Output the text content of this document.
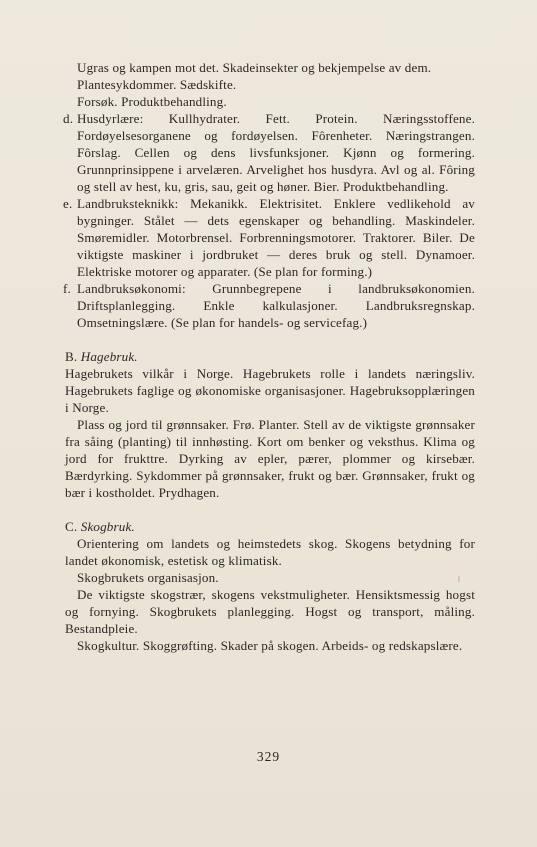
Ugras og kampen mot det. Skadeinsekter og bekjempelse av dem.

Plantesykdommer. Sædskifte.

Forsøk. Produktbehandling.

d. Husdyrlære: Kullhydrater. Fett. Protein. Næringsstoffene. Fordøyelsesorganene og fordøyelsen. Fôrenheter. Næringstrangen. Fôrslag. Cellen og dens livsfunksjoner. Kjønn og formering. Grunnprinsippene i arvelæren. Arvelighet hos husdyra. Avl og al. Fôring og stell av hest, ku, gris, sau, geit og høner. Bier. Produktbehandling.
e. Landbruksteknikk: Mekanikk. Elektrisitet. Enklere vedlikehold av bygninger. Stålet — dets egenskaper og behandling. Maskindeler. Smøremidler. Motorbrensel. Forbrenningsmotorer. Traktorer. Biler. De viktigste maskiner i jordbruket — deres bruk og stell. Dynamoer. Elektriske motorer og apparater. (Se plan for forming.)
f. Landbruksøkonomi: Grunnbegrepene i landbruksøkonomien. Driftsplanlegging. Enkle kalkulasjoner. Landbruksregnskap. Omsetningslære. (Se plan for handels- og servicefag.)

B. Hagebruk.

Hagebrukets vilkår i Norge. Hagebrukets rolle i landets næringsliv. Hagebrukets faglige og økonomiske organisasjoner. Hagebruksopplæringen i Norge.

Plass og jord til grønnsaker. Frø. Planter. Stell av de viktigste grønnsaker fra såing (planting) til innhøsting. Kort om benker og veksthus. Klima og jord for frukttre. Dyrking av epler, pærer, plommer og kirsebær. Bærdyrking. Sykdommer på grønnsaker, frukt og bær. Grønnsaker, frukt og bær i kostholdet. Prydhagen.

C. Skogbruk.

Orientering om landets og heimstedets skog. Skogens betydning for landet økonomisk, estetisk og klimatisk.

Skogbrukets organisasjon.

De viktigste skogstrær, skogens vekstmuligheter. Hensiktsmessig hogst og fornying. Skogbrukets planlegging. Hogst og transport, måling. Bestandpleie.

Skogkultur. Skoggrøfting. Skader på skogen. Arbeids- og redskapslære.

329
